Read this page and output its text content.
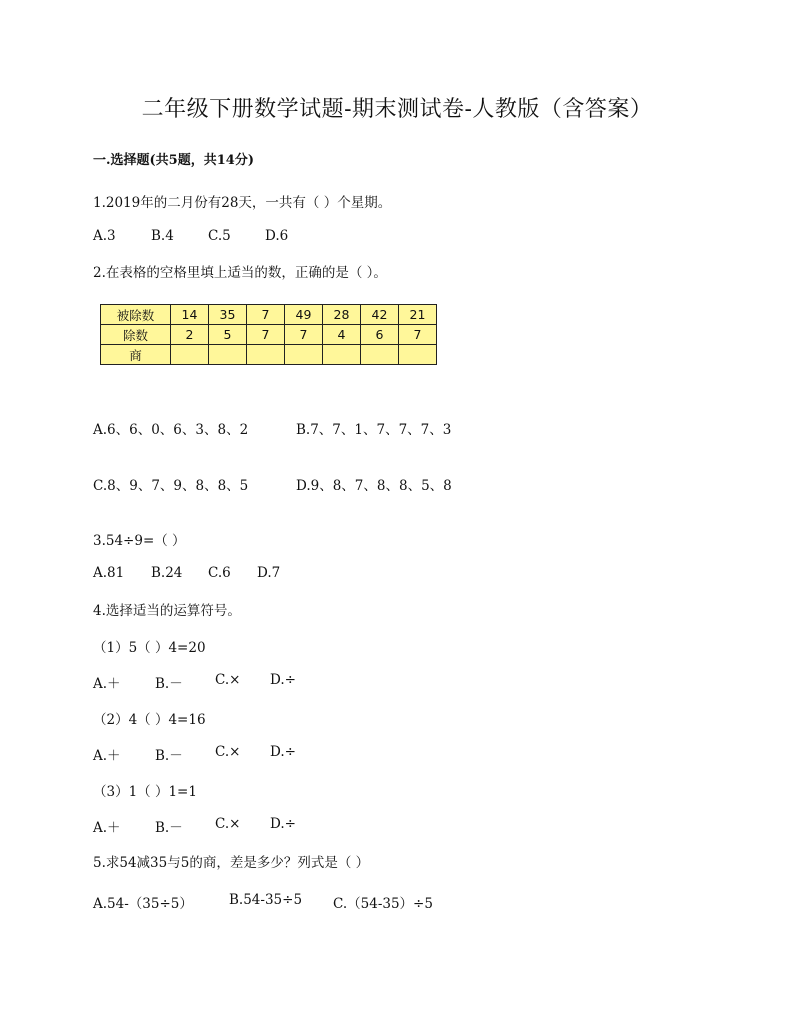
二年级下册数学试题-期末测试卷-人教版（含答案）
一.选择题(共5题，共14分)
1.2019年的二月份有28天，一共有（ ）个星期。
A.3	B.4	C.5	D.6
2.在表格的空格里填上适当的数，正确的是（ ）。
被除数	14	35	7	49	28	42	21
除数	2	5	7	7	4	6	7
商							
A.6、6、0、6、3、8、2	B.7、7、1、7、7、7、3
C.8、9、7、9、8、8、5	D.9、8、7、8、8、5、8
3.54÷9=（ ）
A.81 B.24 C.6 D.7
4.选择适当的运算符号。
（1）5（ ）4=20
A.＋	B.－ C.× D.÷
（2）4（ ）4=16
A.＋	B.－ C.× D.÷
（3）1（ ）1=1
A.＋	B.－ C.× D.÷
5.求54减35与5的商，差是多少？列式是（ ）
A.54-（35÷5）	B.54-35÷5 C.（54-35）÷5
